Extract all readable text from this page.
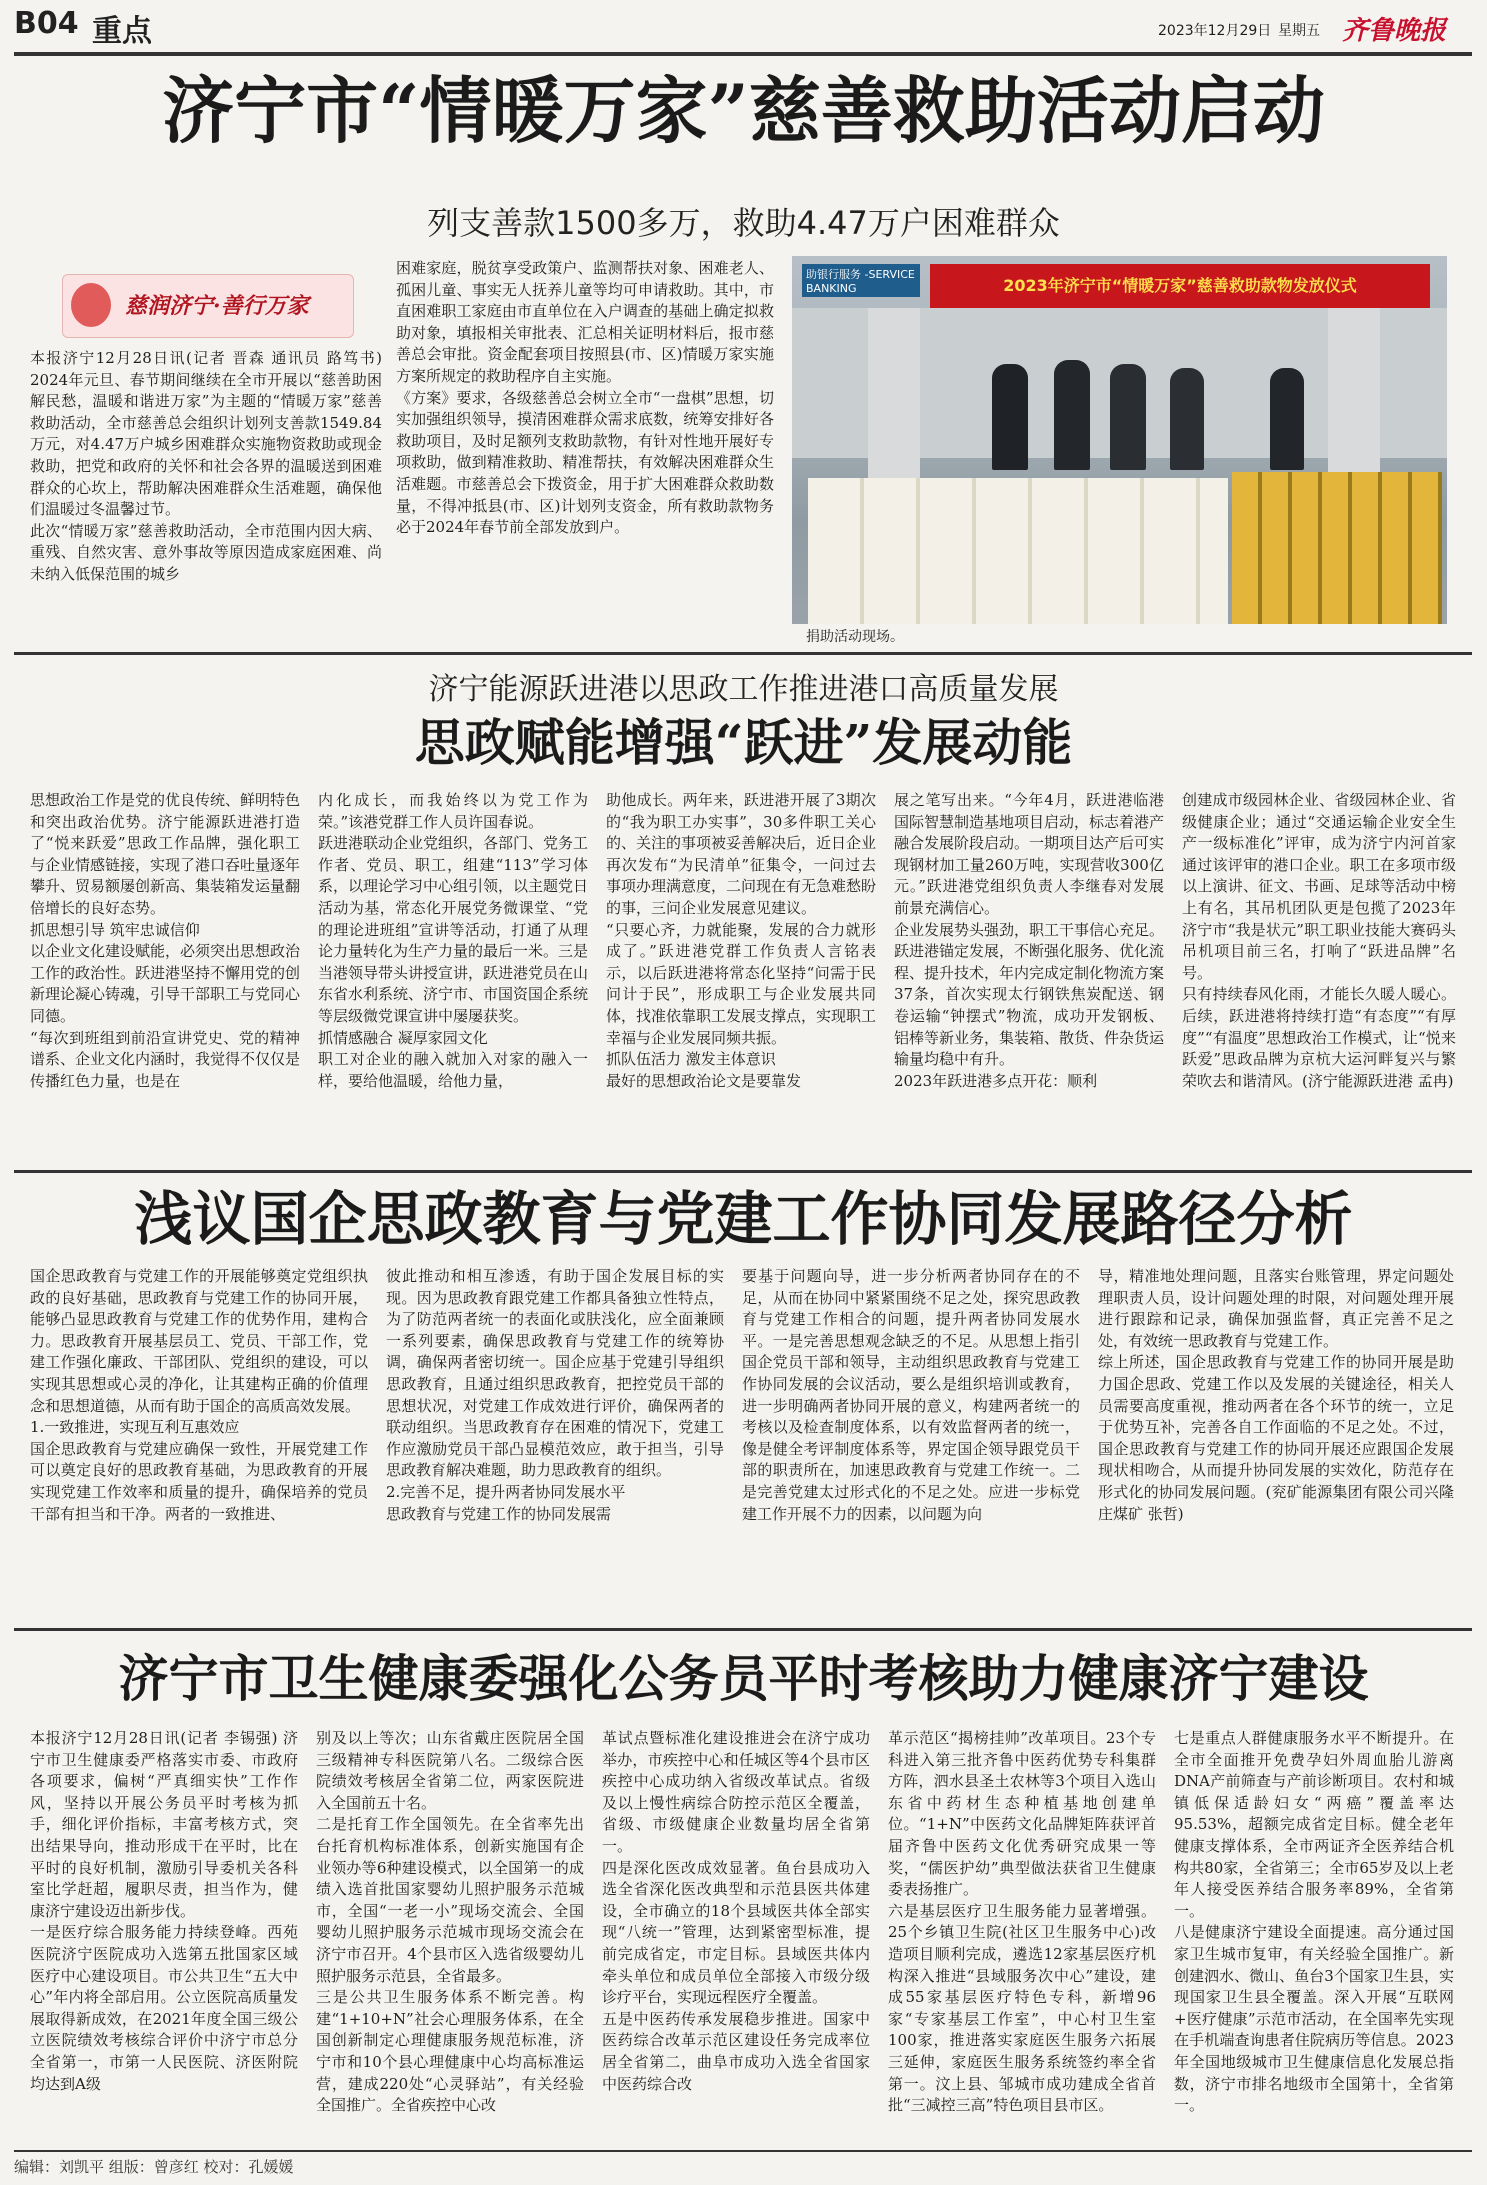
B04 重点	2023年12月29日 星期五 齐鲁晚报
济宁市“情暖万家”慈善救助活动启动
列支善款1500多万，救助4.47万户困难群众
慈润济宁·善行万家
本报济宁12月28日讯(记者 晋森 通讯员 路笃书) 2024年元旦、春节期间继续在全市开展以“慈善助困解民愁，温暖和谐进万家”为主题的“情暖万家”慈善救助活动，全市慈善总会组织计划列支善款1549.84万元，对4.47万户城乡困难群众实施物资救助或现金救助，把党和政府的关怀和社会各界的温暖送到困难群众的心坎上，帮助解决困难群众生活难题，确保他们温暖过冬温馨过节。
此次“情暖万家”慈善救助活动，全市范围内因大病、重残、自然灾害、意外事故等原因造成家庭困难、尚未纳入低保范围的城乡
困难家庭，脱贫享受政策户、监测帮扶对象、困难老人、孤困儿童、事实无人抚养儿童等均可申请救助。其中，市直困难职工家庭由市直单位在入户调查的基础上确定拟救助对象，填报相关审批表、汇总相关证明材料后，报市慈善总会审批。资金配套项目按照县(市、区)情暖万家实施方案所规定的救助程序自主实施。
《方案》要求，各级慈善总会树立全市“一盘棋”思想，切实加强组织领导，摸清困难群众需求底数，统筹安排好各救助项目，及时足额列支救助款物，有针对性地开展好专项救助，做到精准救助、精准帮扶，有效解决困难群众生活难题。市慈善总会下拨资金，用于扩大困难群众救助数量，不得冲抵县(市、区)计划列支资金，所有救助款物务必于2024年春节前全部发放到户。
助银行服务 -SERVICE BANKING	2023年济宁市“情暖万家”慈善救助款物发放仪式
捐助活动现场。
济宁能源跃进港以思政工作推进港口高质量发展
思政赋能增强“跃进”发展动能
思想政治工作是党的优良传统、鲜明特色和突出政治优势。济宁能源跃进港打造了“悦来跃爱”思政工作品牌，强化职工与企业情感链接，实现了港口吞吐量逐年攀升、贸易额屡创新高、集装箱发运量翻倍增长的良好态势。
抓思想引导 筑牢忠诚信仰
以企业文化建设赋能，必须突出思想政治工作的政治性。跃进港坚持不懈用党的创新理论凝心铸魂，引导干部职工与党同心同德。
“每次到班组到前沿宣讲党史、党的精神谱系、企业文化内涵时，我觉得不仅仅是传播红色力量，也是在
内化成长，而我始终以为党工作为荣。”该港党群工作人员许国春说。
跃进港联动企业党组织，各部门、党务工作者、党员、职工，组建“113”学习体系，以理论学习中心组引领，以主题党日活动为基，常态化开展党务微课堂、“党的理论进班组”宣讲等活动，打通了从理论力量转化为生产力量的最后一米。三是当港领导带头讲授宣讲，跃进港党员在山东省水利系统、济宁市、市国资国企系统等层级微党课宣讲中屡屡获奖。
抓情感融合 凝厚家园文化
职工对企业的融入就加入对家的融入一样，要给他温暖，给他力量，
助他成长。两年来，跃进港开展了3期次的“我为职工办实事”，30多件职工关心的、关注的事项被妥善解决后，近日企业再次发布“为民清单”征集令，一问过去事项办理满意度，二问现在有无急难愁盼的事，三问企业发展意见建议。
“只要心齐，力就能聚，发展的合力就形成了。”跃进港党群工作负责人言铭表示，以后跃进港将常态化坚持“问需于民 问计于民”，形成职工与企业发展共同体，找准依靠职工发展支撑点，实现职工幸福与企业发展同频共振。
抓队伍活力 激发主体意识
最好的思想政治论文是要靠发
展之笔写出来。“今年4月，跃进港临港国际智慧制造基地项目启动，标志着港产融合发展阶段启动。一期项目达产后可实现钢材加工量260万吨，实现营收300亿元。”跃进港党组织负责人李继春对发展前景充满信心。
企业发展势头强劲，职工干事信心充足。跃进港锚定发展，不断强化服务、优化流程、提升技术，年内完成定制化物流方案37条，首次实现太行钢铁焦炭配送、钢卷运输“钟摆式”物流，成功开发钢板、铝棒等新业务，集装箱、散货、件杂货运输量均稳中有升。
2023年跃进港多点开花：顺利
创建成市级园林企业、省级园林企业、省级健康企业；通过“交通运输企业安全生产一级标准化”评审，成为济宁内河首家通过该评审的港口企业。职工在多项市级以上演讲、征文、书画、足球等活动中榜上有名，其吊机团队更是包揽了2023年济宁市“我是状元”职工职业技能大赛码头吊机项目前三名，打响了“跃进品牌”名号。
只有持续春风化雨，才能长久暖人暖心。后续，跃进港将持续打造“有态度”“有厚度”“有温度”思想政治工作模式，让“悦来跃爱”思政品牌为京杭大运河畔复兴与繁荣吹去和谐清风。(济宁能源跃进港 孟冉)
浅议国企思政教育与党建工作协同发展路径分析
国企思政教育与党建工作的开展能够奠定党组织执政的良好基础，思政教育与党建工作的协同开展，能够凸显思政教育与党建工作的优势作用，建构合力。思政教育开展基层员工、党员、干部工作，党建工作强化廉政、干部团队、党组织的建设，可以实现其思想或心灵的净化，让其建构正确的价值理念和思想道德，从而有助于国企的高质高效发展。
1.一致推进，实现互利互惠效应
国企思政教育与党建应确保一致性，开展党建工作可以奠定良好的思政教育基础，为思政教育的开展实现党建工作效率和质量的提升，确保培养的党员干部有担当和干净。两者的一致推进、
彼此推动和相互渗透，有助于国企发展目标的实现。因为思政教育跟党建工作都具备独立性特点，为了防范两者统一的表面化或肤浅化，应全面兼顾一系列要素，确保思政教育与党建工作的统筹协调，确保两者密切统一。国企应基于党建引导组织思政教育，且通过组织思政教育，把控党员干部的思想状况，对党建工作成效进行评价，确保两者的联动组织。当思政教育存在困难的情况下，党建工作应激励党员干部凸显模范效应，敢于担当，引导思政教育解决难题，助力思政教育的组织。
2.完善不足，提升两者协同发展水平
思政教育与党建工作的协同发展需
要基于问题向导，进一步分析两者协同存在的不足，从而在协同中紧紧围绕不足之处，探究思政教育与党建工作相合的问题，提升两者协同发展水平。一是完善思想观念缺乏的不足。从思想上指引国企党员干部和领导，主动组织思政教育与党建工作协同发展的会议活动，要么是组织培训或教育，进一步明确两者协同开展的意义，构建两者统一的考核以及检查制度体系，以有效监督两者的统一，像是健全考评制度体系等，界定国企领导跟党员干部的职责所在，加速思政教育与党建工作统一。二是完善党建太过形式化的不足之处。应进一步标党建工作开展不力的因素，以问题为向
导，精准地处理问题，且落实台账管理，界定问题处理职责人员，设计问题处理的时限，对问题处理开展进行跟踪和记录，确保加强监督，真正完善不足之处，有效统一思政教育与党建工作。
综上所述，国企思政教育与党建工作的协同开展是助力国企思政、党建工作以及发展的关键途径，相关人员需要高度重视，推动两者在各个环节的统一，立足于优势互补，完善各自工作面临的不足之处。不过，国企思政教育与党建工作的协同开展还应跟国企发展现状相吻合，从而提升协同发展的实效化，防范存在形式化的协同发展问题。(兖矿能源集团有限公司兴隆庄煤矿 张哲)
济宁市卫生健康委强化公务员平时考核助力健康济宁建设
本报济宁12月28日讯(记者 李锡强) 济宁市卫生健康委严格落实市委、市政府各项要求，偏树“严真细实快”工作作风，坚持以开展公务员平时考核为抓手，细化评价指标，丰富考核方式，突出结果导向，推动形成干在平时，比在平时的良好机制，激励引导委机关各科室比学赶超，履职尽责，担当作为，健康济宁建设迈出新步伐。
一是医疗综合服务能力持续登峰。西苑医院济宁医院成功入选第五批国家区域医疗中心建设项目。市公共卫生“五大中心”年内将全部启用。公立医院高质量发展取得新成效，在2021年度全国三级公立医院绩效考核综合评价中济宁市总分全省第一，市第一人民医院、济医附院均达到A级
别及以上等次；山东省戴庄医院居全国三级精神专科医院第八名。二级综合医院绩效考核居全省第二位，两家医院进入全国前五十名。
二是托育工作全国领先。在全省率先出台托育机构标准体系，创新实施国有企业领办等6种建设模式，以全国第一的成绩入选首批国家婴幼儿照护服务示范城市，全国“一老一小”现场交流会、全国婴幼儿照护服务示范城市现场交流会在济宁市召开。4个县市区入选省级婴幼儿照护服务示范县，全省最多。
三是公共卫生服务体系不断完善。构建“1+10+N”社会心理服务体系，在全国创新制定心理健康服务规范标准，济宁市和10个县心理健康中心均高标准运营，建成220处“心灵驿站”，有关经验全国推广。全省疾控中心改
革试点暨标准化建设推进会在济宁成功举办，市疾控中心和任城区等4个县市区疾控中心成功纳入省级改革试点。省级及以上慢性病综合防控示范区全覆盖，省级、市级健康企业数量均居全省第一。
四是深化医改成效显著。鱼台县成功入选全省深化医改典型和示范县医共体建设，全市确立的18个县域医共体全部实现“八统一”管理，达到紧密型标准，提前完成省定，市定目标。县域医共体内牵头单位和成员单位全部接入市级分级诊疗平台，实现远程医疗全覆盖。
五是中医药传承发展稳步推进。国家中医药综合改革示范区建设任务完成率位居全省第二，曲阜市成功入选全省国家中医药综合改
革示范区“揭榜挂帅”改革项目。23个专科进入第三批齐鲁中医药优势专科集群方阵，泗水县圣土农林等3个项目入选山东省中药材生态种植基地创建单位。“1+N”中医药文化品牌矩阵获评首届齐鲁中医药文化优秀研究成果一等奖，“儒医护幼”典型做法获省卫生健康委表扬推广。
六是基层医疗卫生服务能力显著增强。25个乡镇卫生院(社区卫生服务中心)改造项目顺利完成，遴选12家基层医疗机构深入推进“县域服务次中心”建设，建成55家基层医疗特色专科，新增96家“专家基层工作室”，中心村卫生室100家，推进落实家庭医生服务六拓展三延伸，家庭医生服务系统签约率全省第一。汶上县、邹城市成功建成全省首批“三减控三高”特色项目县市区。
七是重点人群健康服务水平不断提升。在全市全面推开免费孕妇外周血胎儿游离DNA产前筛查与产前诊断项目。农村和城镇低保适龄妇女“两癌”覆盖率达95.53%，超额完成省定目标。健全老年健康支撑体系，全市两证齐全医养结合机构共80家，全省第三；全市65岁及以上老年人接受医养结合服务率89%，全省第一。
八是健康济宁建设全面提速。高分通过国家卫生城市复审，有关经验全国推广。新创建泗水、微山、鱼台3个国家卫生县，实现国家卫生县全覆盖。深入开展“互联网+医疗健康”示范市活动，在全国率先实现在手机端查询患者住院病历等信息。2023年全国地级城市卫生健康信息化发展总指数，济宁市排名地级市全国第十，全省第一。
编辑：刘凯平 组版：曾彦红 校对：孔媛媛
